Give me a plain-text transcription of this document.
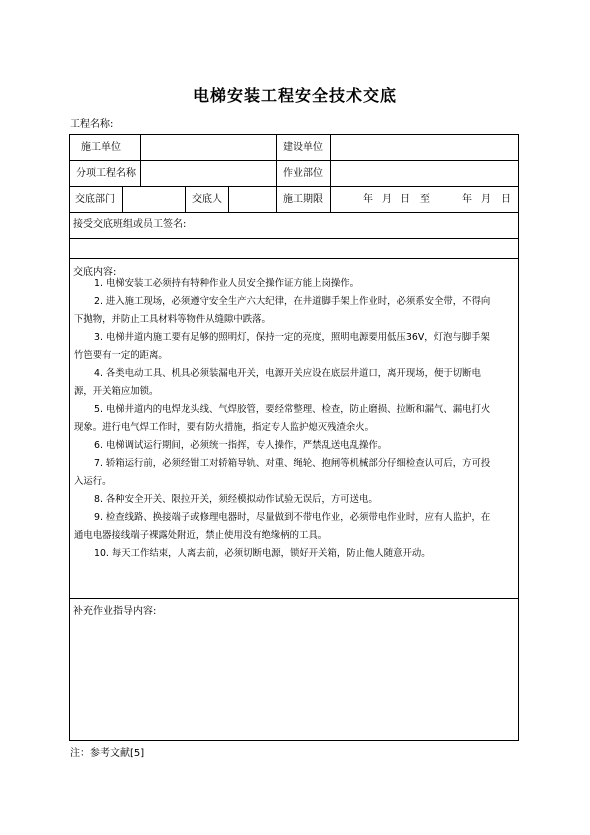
电梯安装工程安全技术交底
工程名称:
施工单位	建设单位
分项工程名称	作业部位
交底部门	交底人	施工期限	年 月 日 至	年 月 日
接受交底班组或员工签名:
交底内容:

1. 电梯安装工必须持有特种作业人员安全操作证方能上岗操作。

2. 进入施工现场，必须遵守安全生产六大纪律，在井道脚手架上作业时，必须系安全带，不得向下抛物，并防止工具材料等物件从缝隙中跌落。

3. 电梯井道内施工要有足够的照明灯，保持一定的亮度，照明电源要用低压36V，灯泡与脚手架竹笆要有一定的距离。

4. 各类电动工具、机具必须装漏电开关，电源开关应设在底层井道口，离开现场，便于切断电源，开关箱应加锁。

5. 电梯井道内的电焊龙头线、气焊胶管，要经常整理、检查，防止磨损、拉断和漏气、漏电打火现象。进行电气焊工作时，要有防火措施，指定专人监护熄灭残渣余火。

6. 电梯调试运行期间，必须统一指挥，专人操作，严禁乱送电乱操作。

7. 轿箱运行前，必须经钳工对轿箱导轨、对重、绳轮、抱闸等机械部分仔细检查认可后，方可投入运行。

8. 各种安全开关、限拉开关，须经模拟动作试验无误后，方可送电。

9. 检查线路、换接端子或修理电器时，尽量做到不带电作业，必须带电作业时，应有人监护，在通电电器接线端子裸露处附近，禁止使用没有绝缘柄的工具。

10. 每天工作结束，人离去前，必须切断电源，锁好开关箱，防止他人随意开动。

补充作业指导内容:
注：参考文献[5]
